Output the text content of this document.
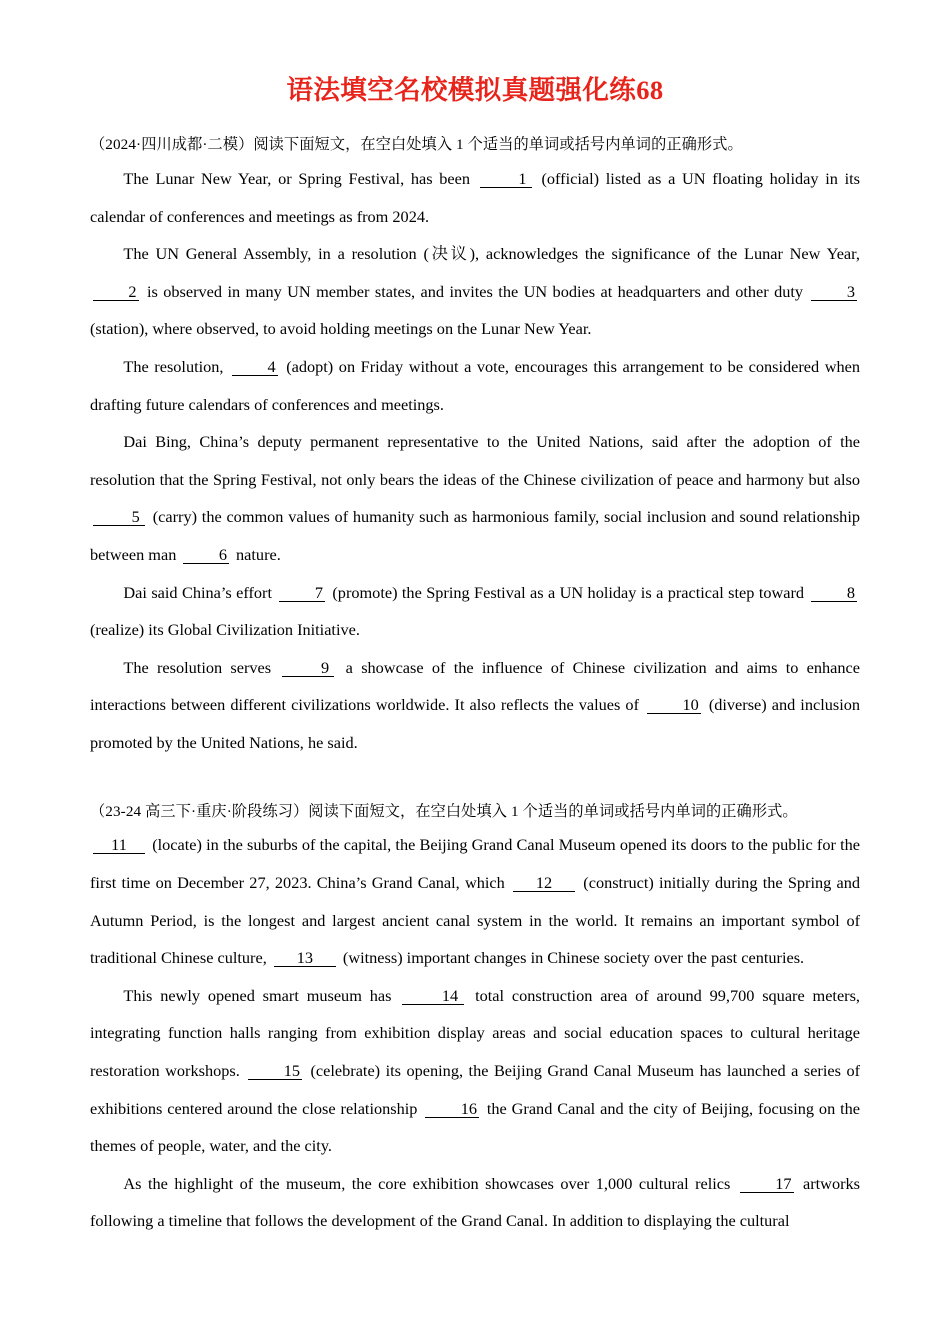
语法填空名校模拟真题强化练68

（2024·四川成都·二模）阅读下面短文，在空白处填入 1 个适当的单词或括号内单词的正确形式。

The Lunar New Year, or Spring Festival, has been	1 (official) listed as a UN floating holiday in its calendar of conferences and meetings as from 2024.

The UN General Assembly, in a resolution (决议), acknowledges the significance of the Lunar New Year, 2 is observed in many UN member states, and invites the UN bodies at headquarters and other duty 3 (station), where observed, to avoid holding meetings on the Lunar New Year.

The resolution, 4 (adopt) on Friday without a vote, encourages this arrangement to be considered when drafting future calendars of conferences and meetings.

Dai Bing, China’s deputy permanent representative to the United Nations, said after the adoption of the resolution that the Spring Festival, not only bears the ideas of the Chinese civilization of peace and harmony but also 5 (carry) the common values of humanity such as harmonious family, social inclusion and sound relationship between man 6 nature.

Dai said China’s effort 7 (promote) the Spring Festival as a UN holiday is a practical step toward 8 (realize) its Global Civilization Initiative.

The resolution serves	9 a showcase of the influence of Chinese civilization and aims to enhance interactions between different civilizations worldwide. It also reflects the values of 10 (diverse) and inclusion promoted by the United Nations, he said.

（23-24 高三下·重庆·阶段练习）阅读下面短文，在空白处填入 1 个适当的单词或括号内单词的正确形式。

11 (locate) in the suburbs of the capital, the Beijing Grand Canal Museum opened its doors to the public for the first time on December 27, 2023. China’s Grand Canal, which 12 (construct) initially during the Spring and Autumn Period, is the longest and largest ancient canal system in the world. It remains an important symbol of traditional Chinese culture, 13 (witness) important changes in Chinese society over the past centuries.

This newly opened smart museum has	14 total construction area of around 99,700 square meters, integrating function halls ranging from exhibition display areas and social education spaces to cultural heritage restoration workshops. 15 (celebrate) its opening, the Beijing Grand Canal Museum has launched a series of exhibitions centered around the close relationship 16 the Grand Canal and the city of Beijing, focusing on the themes of people, water, and the city.

As the highlight of the museum, the core exhibition showcases over 1,000 cultural relics 17 artworks following a timeline that follows the development of the Grand Canal. In addition to displaying the cultural
